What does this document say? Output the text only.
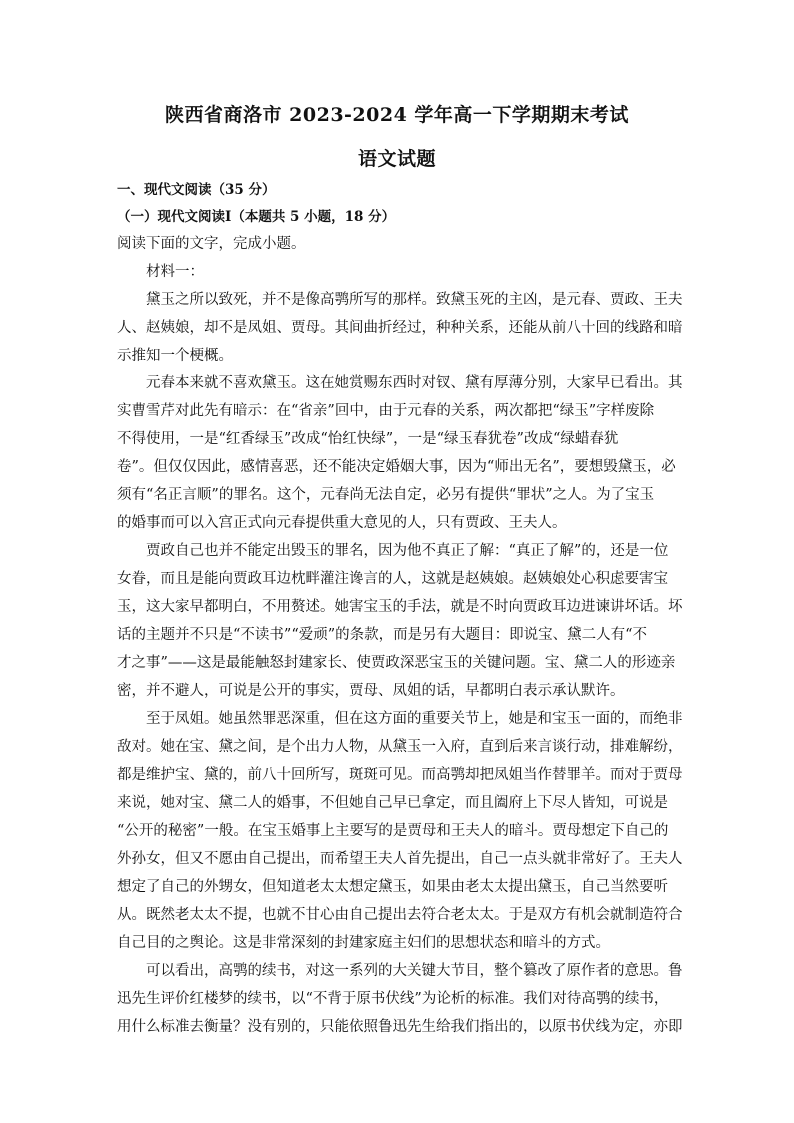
陕西省商洛市 2023-2024 学年高一下学期期末考试
语文试题
一、现代文阅读（35 分）
（一）现代文阅读Ⅰ（本题共 5 小题，18 分）
阅读下面的文字，完成小题。
材料一：
黛玉之所以致死，并不是像高鹗所写的那样。致黛玉死的主凶，是元春、贾政、王夫
人、赵姨娘，却不是凤姐、贾母。其间曲折经过，种种关系，还能从前八十回的线路和暗
示推知一个梗概。
元春本来就不喜欢黛玉。这在她赏赐东西时对钗、黛有厚薄分别，大家早已看出。其
实曹雪芹对此先有暗示：在“省亲”回中，由于元春的关系，两次都把“绿玉”字样废除
不得使用，一是“红香绿玉”改成“怡红快绿”，一是“绿玉春犹卷”改成“绿蜡春犹
卷”。但仅仅因此，感情喜恶，还不能决定婚姻大事，因为“师出无名”，要想毁黛玉，必
须有“名正言顺”的罪名。这个，元春尚无法自定，必另有提供“罪状”之人。为了宝玉
的婚事而可以入宫正式向元春提供重大意见的人，只有贾政、王夫人。
贾政自己也并不能定出毁玉的罪名，因为他不真正了解：“真正了解”的，还是一位
女眷，而且是能向贾政耳边枕畔灌注谗言的人，这就是赵姨娘。赵姨娘处心积虑要害宝
玉，这大家早都明白，不用赘述。她害宝玉的手法，就是不时向贾政耳边进谏讲坏话。坏
话的主题并不只是“不读书”“爱顽”的条款，而是另有大题目：即说宝、黛二人有“不
才之事”——这是最能触怒封建家长、使贾政深恶宝玉的关键问题。宝、黛二人的形迹亲
密，并不避人，可说是公开的事实，贾母、凤姐的话，早都明白表示承认默许。
至于凤姐。她虽然罪恶深重，但在这方面的重要关节上，她是和宝玉一面的，而绝非
敌对。她在宝、黛之间，是个出力人物，从黛玉一入府，直到后来言谈行动，排难解纷，
都是维护宝、黛的，前八十回所写，斑斑可见。而高鹗却把凤姐当作替罪羊。而对于贾母
来说，她对宝、黛二人的婚事，不但她自己早已拿定，而且阖府上下尽人皆知，可说是
“公开的秘密”一般。在宝玉婚事上主要写的是贾母和王夫人的暗斗。贾母想定下自己的
外孙女，但又不愿由自己提出，而希望王夫人首先提出，自己一点头就非常好了。王夫人
想定了自己的外甥女，但知道老太太想定黛玉，如果由老太太提出黛玉，自己当然要听
从。既然老太太不提，也就不甘心由自己提出去符合老太太。于是双方有机会就制造符合
自己目的之舆论。这是非常深刻的封建家庭主妇们的思想状态和暗斗的方式。
可以看出，高鹗的续书，对这一系列的大关键大节目，整个篡改了原作者的意思。鲁
迅先生评价红楼梦的续书，以“不背于原书伏线”为论析的标准。我们对待高鹗的续书，
用什么标准去衡量？没有别的，只能依照鲁迅先生给我们指出的，以原书伏线为定，亦即
